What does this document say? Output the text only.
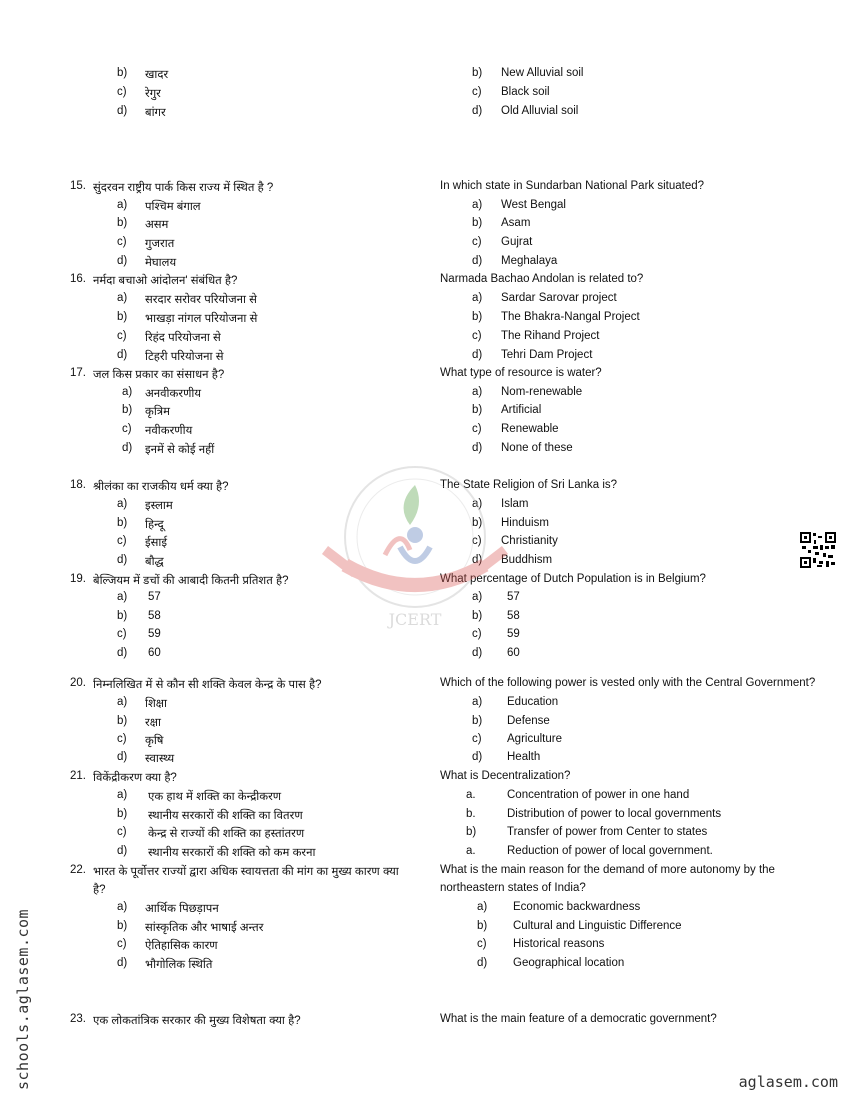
b) खादर
c) रेगुर
d) बांगर
b) New Alluvial soil
c) Black soil
d) Old Alluvial soil
15. सुंदरवन राष्ट्रीय पार्क किस राज्य में स्थित है ?	In which state in Sundarban National Park situated?
a) पश्चिम बंगाल
b) असम
c) गुजरात
d) मेघालय
a) West Bengal
b) Asam
c) Gujrat
d) Meghalaya
16. नर्मदा बचाओ आंदोलन' संबंधित है?	Narmada Bachao Andolan is related to?
a) सरदार सरोवर परियोजना से
b) भाखड़ा नांगल परियोजना से
c) रिहंद परियोजना से
d) टिहरी परियोजना से
a) Sardar Sarovar project
b) The Bhakra-Nangal Project
c) The Rihand Project
d) Tehri Dam Project
17. जल किस प्रकार का संसाधन है?	What type of resource is water?
a) अनवीकरणीय
b) कृत्रिम
c) नवीकरणीय
d) इनमें से कोई नहीं
a) Nom-renewable
b) Artificial
c) Renewable
d) None of these
18. श्रीलंका का राजकीय धर्म क्या है?	The State Religion of Sri Lanka is?
a) इस्लाम
b) हिन्दू
c) ईसाई
d) बौद्ध
a) Islam
b) Hinduism
c) Christianity
d) Buddhism
19. बेल्जियम में डचों की आबादी कितनी प्रतिशत है?	What percentage of Dutch Population is in Belgium?
a) 57
b) 58
c) 59
d) 60
a) 57
b) 58
c) 59
d) 60
20. निम्नलिखित में से कौन सी शक्ति केवल केन्द्र के पास है?	Which of the following power is vested only with the Central Government?
a) शिक्षा
b) रक्षा
c) कृषि
d) स्वास्थ्य
a) Education
b) Defense
c) Agriculture
d) Health
21. विकेंद्रीकरण क्या है?	What is Decentralization?
a) एक हाथ में शक्ति का केन्द्रीकरण
b) स्थानीय सरकारों की शक्ति का वितरण
c) केन्द्र से राज्यों की शक्ति का हस्तांतरण
d) स्थानीय सरकारों की शक्ति को कम करना
a.	Concentration of power in one hand
b.	Distribution of power to local governments
b)	Transfer of power from Center to states
a.	Reduction of power of local government.
22. भारत के पूर्वोत्तर राज्यों द्वारा अधिक स्वायत्तता की मांग का मुख्य कारण क्या	What is the main reason for the demand of more autonomy by the
है?	northeastern states of India?
a) आर्थिक पिछड़ापन
b) सांस्कृतिक और भाषाई अन्तर
c) ऐतिहासिक कारण
d) भौगोलिक स्थिति
a) Economic backwardness
b) Cultural and Linguistic Difference
c) Historical reasons
d) Geographical location
23. एक लोकतांत्रिक सरकार की मुख्य विशेषता क्या है?	What is the main feature of a democratic government?
JCERT
schools.aglasem.com	aglasem.com
